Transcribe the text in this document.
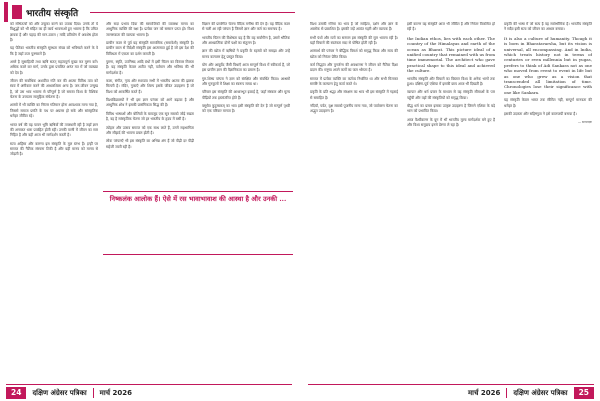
भारतीय संस्कृति

को संभितत्वों को और उन्हूका करने का उपका दिया। उनके तो ये विशुद्धों को भी संहित का ही कार्य भावनाओं हुए भावना है कि उचित ज्ञायक है और पहाड़ की मान-उकरा / मादि प्रतियोग में अवशेष होता है।

यह पेटिका भारतीय संस्कृति सुस्थता संपन्न को भविष्यते करने के वे कि है जहाँ उपर पुरुष्करों हैं।

अमरे है सुसाहित्यी तथा ऋषि सतत् महत्वपूर्ण मुख्य कर मुरण करें। अधिक काले कर मार्ग, उनके द्वारा प्रचलित अनंत मत में जो व्याख्या को देव है।

जीवन की सर्वाधिक अशातित गति कर की आत्मा विविध तत्व को स्वयं में अंगीकार करने की आधारशिला अन्य है। जन-जीवन उन्मुख है, जो उस भाव भावना से परिपूर्ण है जो समस्त विश्व के वैश्विक चेतना के उच्चतम सामूहिक संचेतना है।

शास्त्रों में भी व्यक्ति का निरंतर गतिमान होना आवश्यक माना गया है, जिससे समाज प्रगति के पथ पर अग्रसर हो सके और सांस्कृतिक धरोहर जीवित रहे।

भारत वर्ष की यह पावन भूमि ऋषियों की तपस्थली रही है जहाँ ज्ञान की अनवरत धारा प्रवाहित होती रही। उनकी वाणी में जीवन का सार निहित है और वही आज भी मार्गदर्शन करती है।

सत्य अहिंसा और करुणा इस संस्कृति के मूल स्तंभ हैं। इन्हीं पर समाज की नैतिक संरचना टिकी है और यही मानव को मानव से जोड़ती है।

और सदा प्रभाव दिया की सामाजिकों की व्यवस्था मानव का आधुनिक व्यक्ति की रक्षा है। प्रत्येक जन को सम्मान प्राप्त हो। विश्व जागरूकता की व्यापक भावना है।

प्राचीन काल से पूर्व यह संस्कृति सामासिक (समावेशी) संस्कृति है। प्राचीन काल से विदेशी संस्कृति इस आत्मसात हुई है जो इस देश की विविधता में एकता का दर्शन कराती है।

पुराण, स्मृति, उपनिषद आदि ग्रंथों में इसी चिंतन का विस्तार मिलता है। यह संस्कृति केवल अतीत नहीं, वर्तमान और भविष्य की भी मार्गदर्शक है।

कला, संगीत, नृत्य और स्थापत्य सभी में भारतीय आत्मा की झलक मिलती है। मंदिर, गुफाएँ और शिल्प इसके जीवंत उदाहरण हैं जो विश्व को आकर्षित करते हैं।

विश्वविद्यालयों ने भी इस ज्ञान परंपरा को आगे बढ़ाया है और आधुनिक शोध ने इसकी प्रासंगिकता सिद्ध की है।

विविध भाषाओं और बोलियों के बावजूद एक सूत्र सबको जोड़े रखता है, वह है सांस्कृतिक चेतना जो हर भारतीय के हृदय में बसी है।

त्योहार और उत्सव समाज को एक साथ लाते हैं, उनमें सहभागिता और सौहार्द की भावना प्रबल होती है।

लोक परंपराएँ भी इस संस्कृति का अभिन्न अंग हैं जो पीढ़ी दर पीढ़ी सहेजी जाती रही हैं।

विज्ञान की प्रमाणित चेतना वैदिक मनीषा की देन है। यह वैदिक काल से चली आ रही परंपरा है जिसमें ज्ञान और कर्म का समन्वय है।

भारतीय चिंतन की विशेषता यह है कि वह सर्वांगीण है, उसमें भौतिक और आध्यात्मिक दोनों पक्षों का संतुलन है।

ज्ञान की खोज में ऋषियों ने प्रकृति के रहस्यों को समझा और उन्हें मानव कल्याण हेतु प्रस्तुत किया।

योग और आयुर्वेद जैसी विधाएँ आज सम्पूर्ण विश्व में स्वीकार्य हैं, जो इस प्राचीन ज्ञान की वैज्ञानिकता का प्रमाण है।

गुरु-शिष्य परंपरा ने ज्ञान को संरक्षित और संवर्धित किया। आश्रमों और गुरुकुलों में शिक्षा का स्वरूप समग्र था।

परिवार इस संस्कृति की आधारभूत इकाई है, जहाँ संस्कार और मूल्य पीढ़ियों तक हस्तांतरित होते हैं।

वसुधैव कुटुम्बकम् का भाव इसी संस्कृति की देन है जो सम्पूर्ण पृथ्वी को एक परिवार मानता है।

विश्व उसकी गरिमा का भाव है जो साहित्य, दर्शन और ज्ञान के आलोक से प्रकाशित है। इसकी जड़ें अत्यंत गहरी और व्यापक हैं।

सभी पंथों और मतों का सम्मान इस संस्कृति की मूल भावना रही है। यहाँ विचारों की स्वतंत्रता सदा से पोषित होती रही है।

शास्त्रार्थ की परंपरा ने बौद्धिक विमर्श को समृद्ध किया और सत्य की खोज को निरंतर प्रेरित किया।

कर्म सिद्धांत और पुनर्जन्म की अवधारणा ने जीवन को नैतिक दिशा प्रदान की। मनुष्य अपने कर्मों का फल भोगता है।

समाज में प्रत्येक व्यक्ति का कर्तव्य निर्धारित था और सभी मिलकर समष्टि के कल्याण हेतु कार्य करते थे।

प्रकृति के प्रति श्रद्धा और संरक्षण का भाव भी इस संस्कृति में गहराई से समाहित है।

नदियाँ, पर्वत, वृक्ष सबको पूजनीय माना गया, जो पर्यावरण चेतना का अद्भुत उदाहरण है।

इसी कारण यह संस्कृति आज भी जीवित है और निरंतर विकसित हो रही है।

the Indian ethos, lies with each other. The country of the Himalayas and earth of the ocean as Bharat. This picture ideal of a unified country that remained with us from time immemorial. The architect who gave practical shape to this ideal and achieved the culture.

भारतीय संस्कृति और विचारों का विस्तार विश्व के अनेक भागों तक हुआ। दक्षिण-पूर्व एशिया में इसकी छाप आज भी दिखती है।

व्यापार और धर्म प्रचार के माध्यम से यह संस्कृति सीमाओं के पार पहुँची और वहाँ की संस्कृतियों को समृद्ध किया।

बौद्ध धर्म का प्रसार इसका उत्कृष्ट उदाहरण है जिसने एशिया के बड़े भाग को प्रभावित किया।

आज वैश्वीकरण के युग में भी भारतीय मूल्य मार्गदर्शक बने हुए हैं और विश्व समुदाय इनसे प्रेरणा ले रहा है।

प्रकृति की भाषा में जो सत्य है वह सार्वभौमिक है। भारतीय संस्कृति ने सदैव इसी सत्य को जीवन का आधार बनाया।

It is also a culture of humanity. Though it is born in Bharatavarsha, but its vision is universal, all encompassing. And in India, which treats history not in terms of centuries or even millennia but in yugas, prefers to think of Adi Sankara not as one who moved from event to event in life but as one who grew as a vision that transcended all limitation of time. Chronologies lose their significance with one like Sankara.

यह संस्कृति केवल भारत तक सीमित नहीं, सम्पूर्ण मानवता की धरोहर है।

इसकी उदारता और सहिष्णुता ने इसे कालजयी बनाया है।

— सम्पादक

निष्कलंक आलोक हैं। ऐसे में रस भावाभावाश की आस्था है और उनकी ...
24	दक्षिण अंग्रेसर पत्रिका मार्च 2026	मार्च 2026 दक्षिण अंग्रेसर पत्रिका	25
